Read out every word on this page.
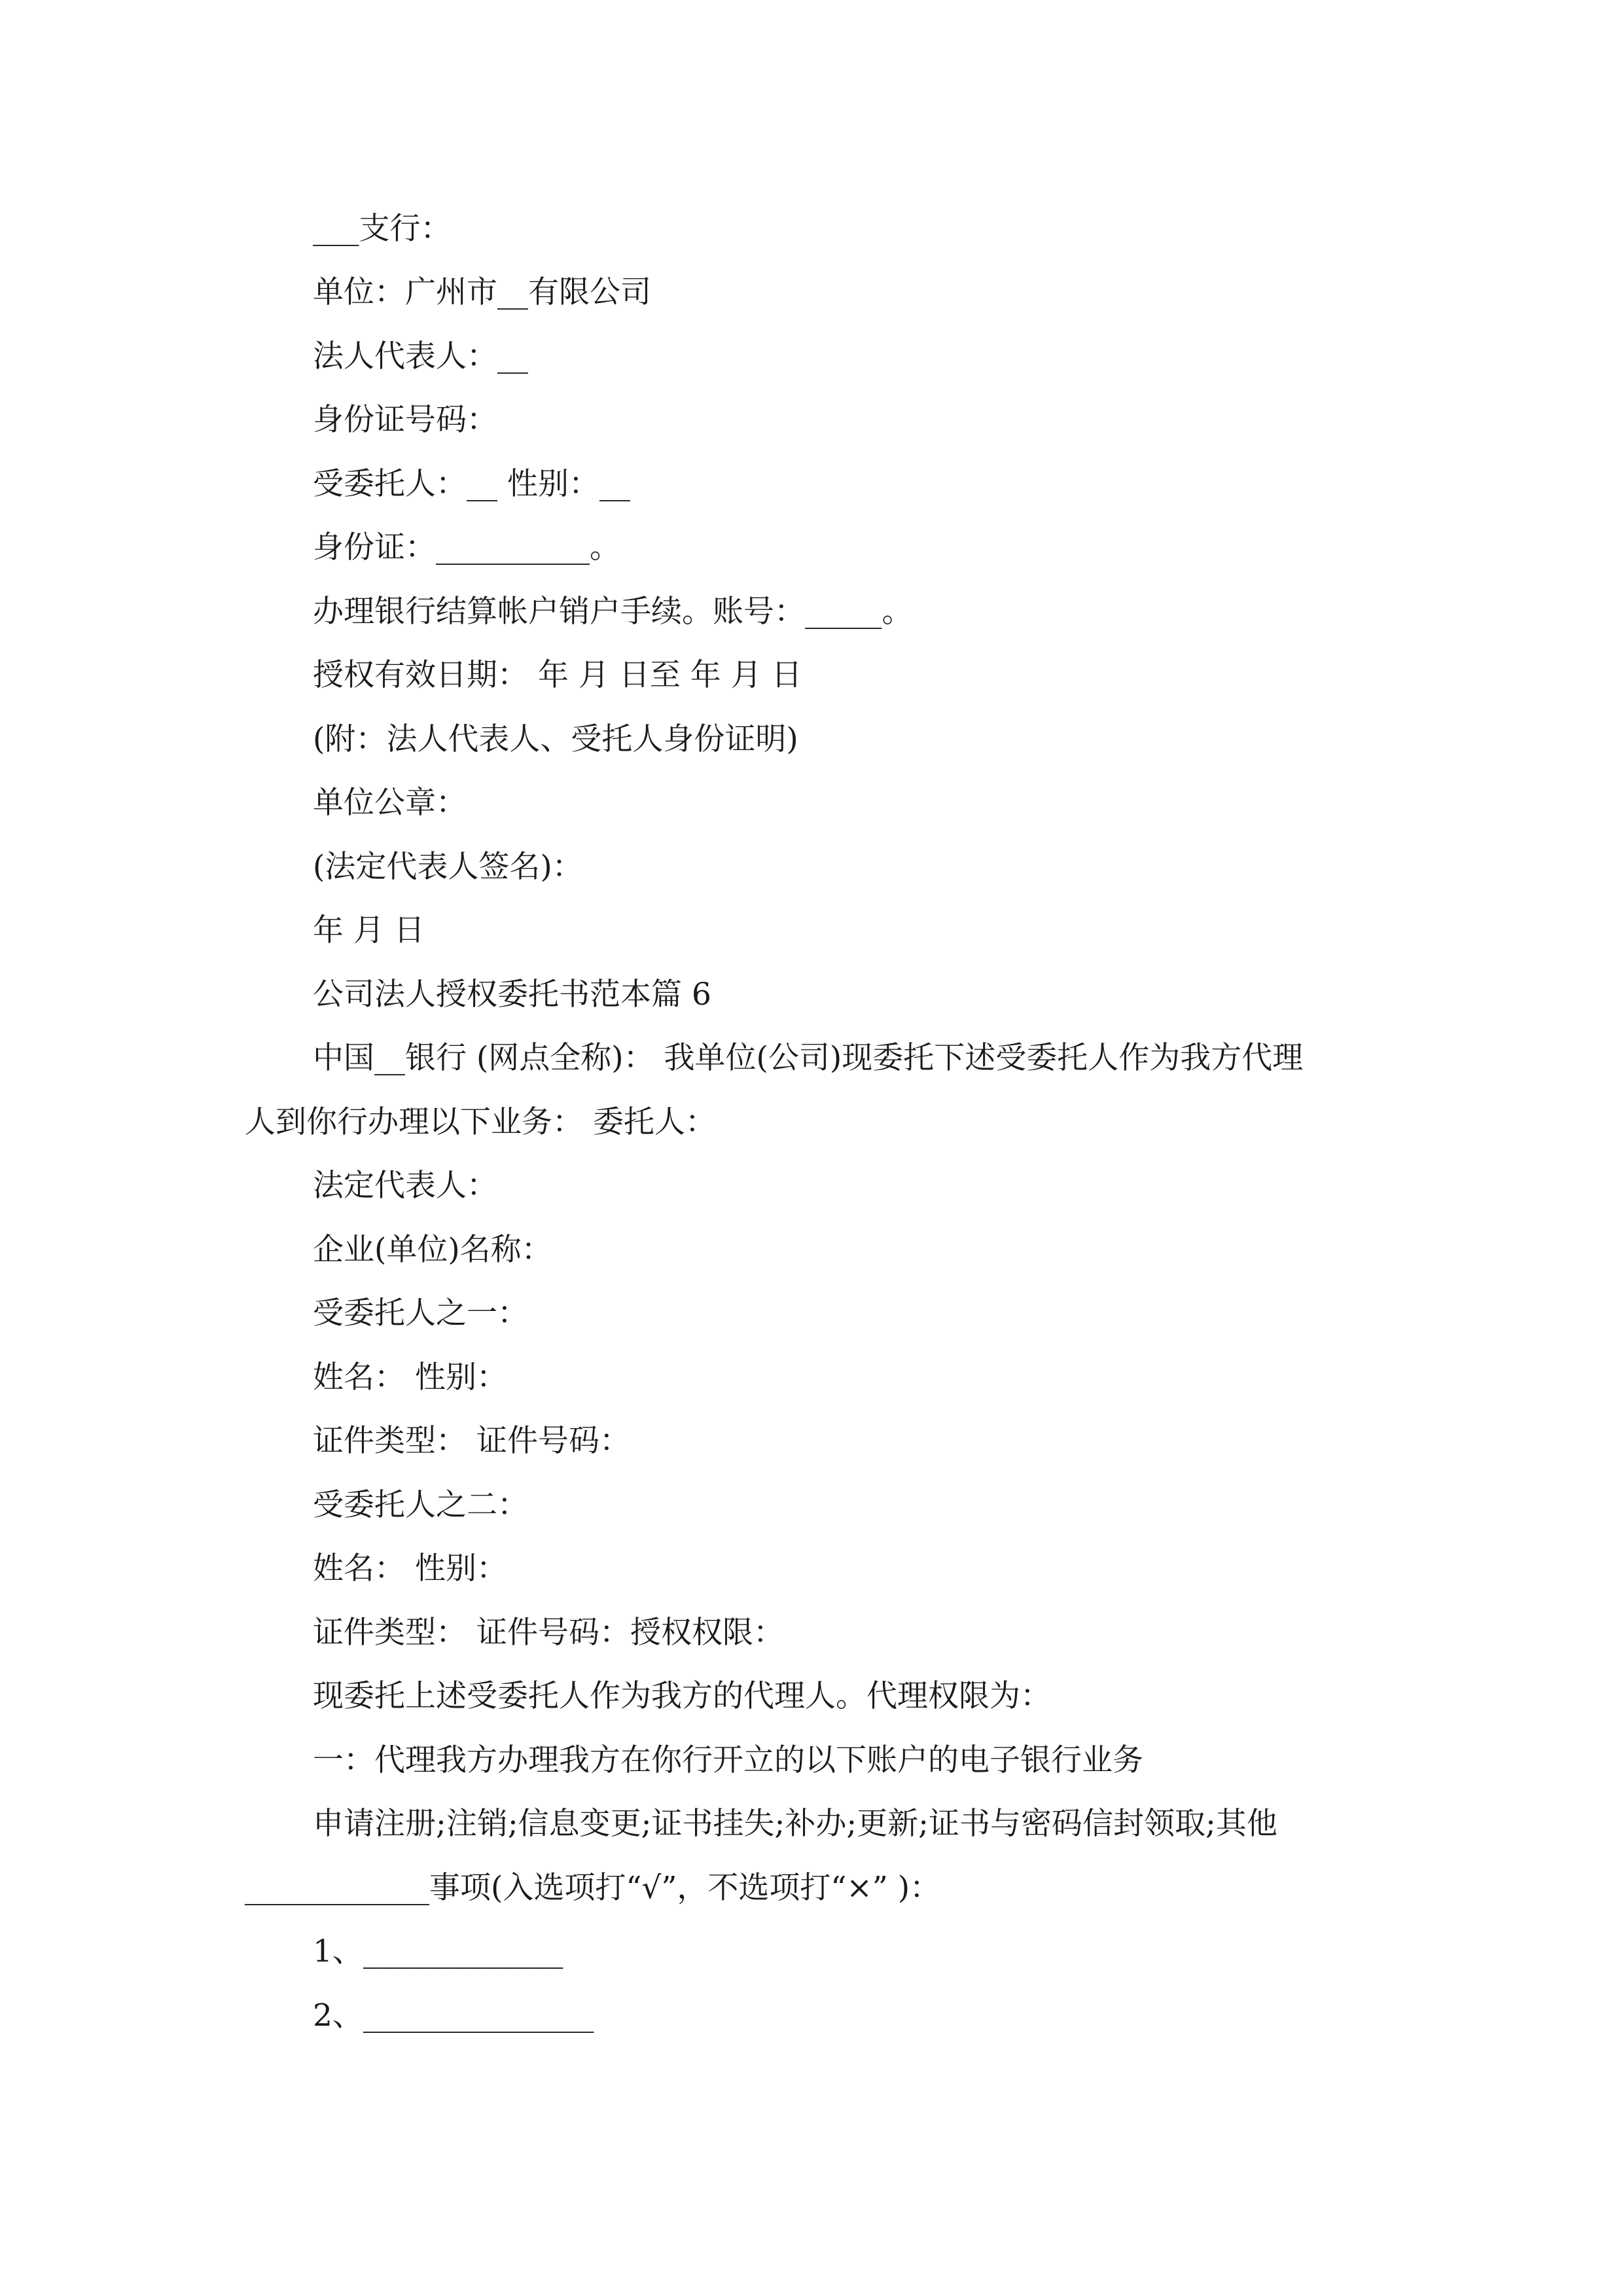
___支行：
单位：广州市__有限公司
法人代表人：__
身份证号码：
受委托人：__ 性别：__
身份证：__________。
办理银行结算帐户销户手续。账号：_____。
授权有效日期： 年 月 日至 年 月 日
(附：法人代表人、受托人身份证明)
单位公章：
(法定代表人签名)：
年 月 日
公司法人授权委托书范本篇 6
中国__银行 (网点全称)： 我单位(公司)现委托下述受委托人作为我方代理
人到你行办理以下业务： 委托人：
法定代表人：
企业(单位)名称：
受委托人之一：
姓名： 性别：
证件类型： 证件号码：
受委托人之二：
姓名： 性别：
证件类型： 证件号码：授权权限：
现委托上述受委托人作为我方的代理人。代理权限为：
一：代理我方办理我方在你行开立的以下账户的电子银行业务
申请注册;注销;信息变更;证书挂失;补办;更新;证书与密码信封领取;其他
____________事项(入选项打“√”，不选项打“×” )：
1、_____________
2、_______________
